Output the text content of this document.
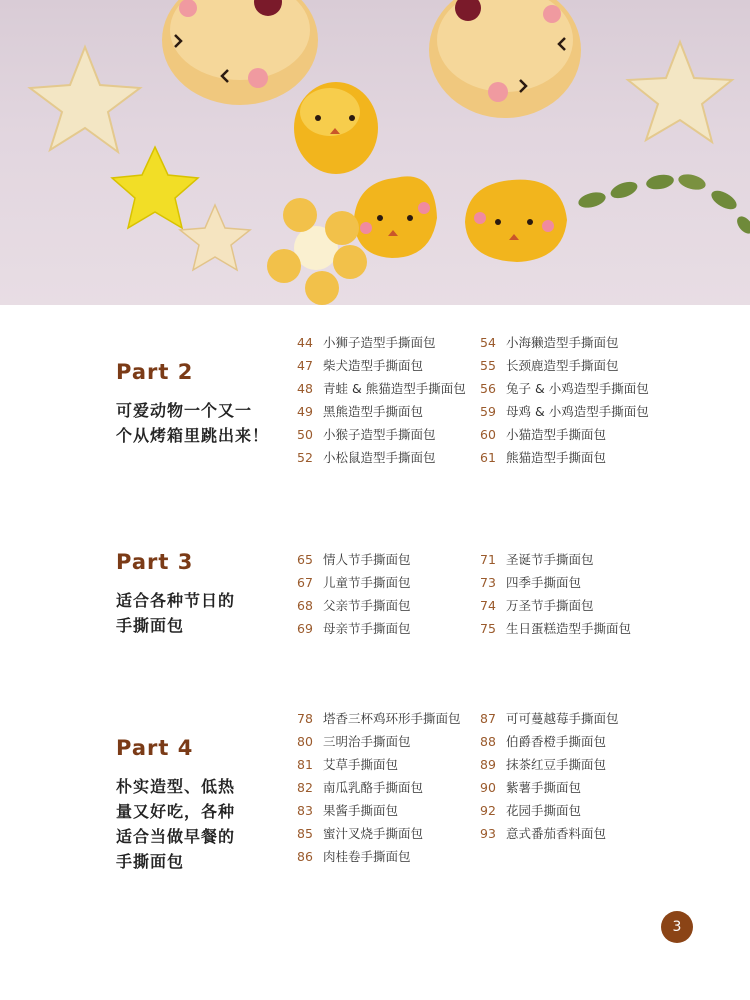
Part 2
可爱动物一个又一
个从烤箱里跳出来！
44 小狮子造型手撕面包
47 柴犬造型手撕面包
48 青蛙 & 熊猫造型手撕面包
49 黑熊造型手撕面包
50 小猴子造型手撕面包
52 小松鼠造型手撕面包
54 小海獭造型手撕面包
55 长颈鹿造型手撕面包
56 兔子 & 小鸡造型手撕面包
59 母鸡 & 小鸡造型手撕面包
60 小猫造型手撕面包
61 熊猫造型手撕面包
Part 3
适合各种节日的
手撕面包
65 情人节手撕面包
67 儿童节手撕面包
68 父亲节手撕面包
69 母亲节手撕面包
71 圣诞节手撕面包
73 四季手撕面包
74 万圣节手撕面包
75 生日蛋糕造型手撕面包
Part 4
朴实造型、低热
量又好吃，各种
适合当做早餐的
手撕面包
78 塔香三杯鸡环形手撕面包
80 三明治手撕面包
81 艾草手撕面包
82 南瓜乳酪手撕面包
83 果酱手撕面包
85 蜜汁叉烧手撕面包
86 肉桂卷手撕面包
87 可可蔓越莓手撕面包
88 伯爵香橙手撕面包
89 抹茶红豆手撕面包
90 紫薯手撕面包
92 花园手撕面包
93 意式番茄香料面包
3
